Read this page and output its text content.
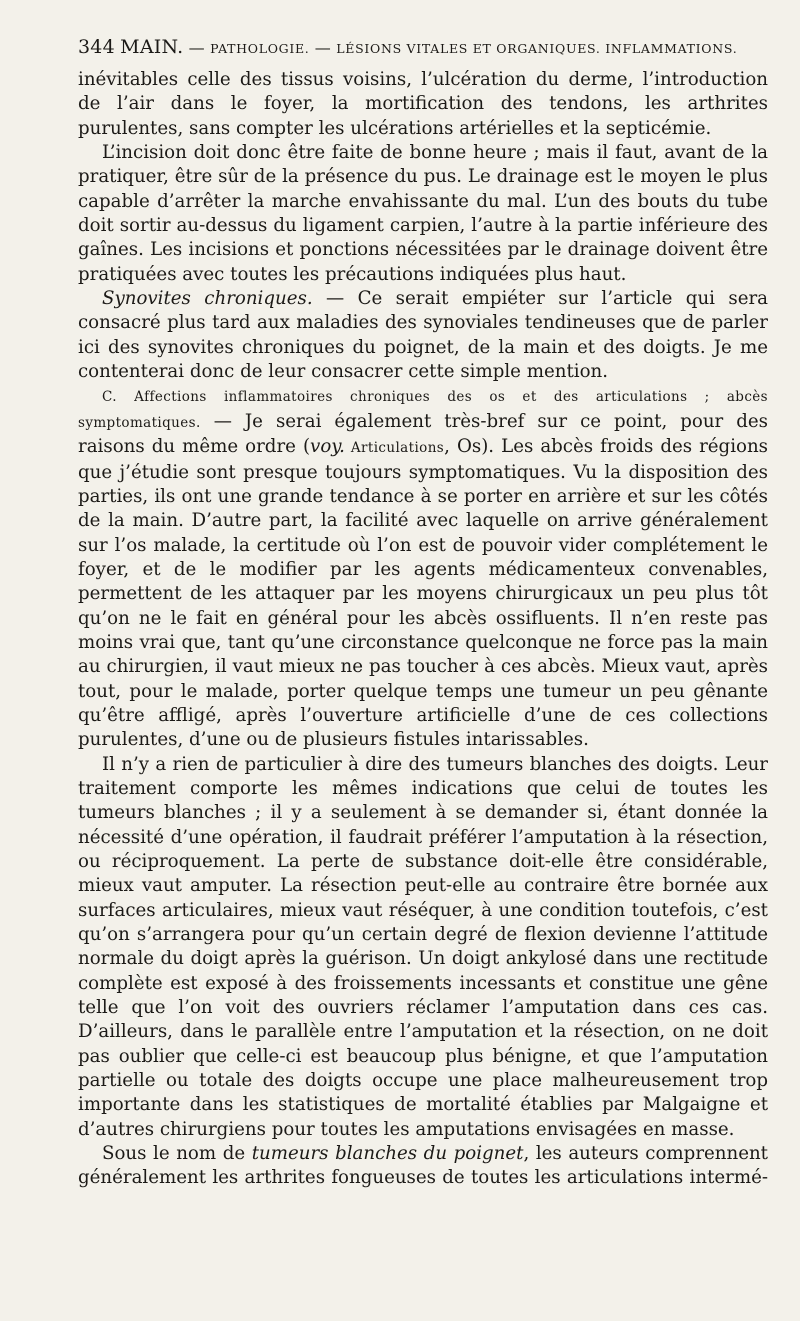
344 MAIN. — PATHOLOGIE. — LÉSIONS VITALES ET ORGANIQUES. INFLAMMATIONS.

inévitables celle des tissus voisins, l’ulcération du derme, l’introduction de l’air dans le foyer, la mortification des tendons, les arthrites purulentes, sans compter les ulcérations artérielles et la septicémie.

L’incision doit donc être faite de bonne heure ; mais il faut, avant de la pratiquer, être sûr de la présence du pus. Le drainage est le moyen le plus capable d’arrêter la marche envahissante du mal. L’un des bouts du tube doit sortir au-dessus du ligament carpien, l’autre à la partie inférieure des gaînes. Les incisions et ponctions nécessitées par le drainage doivent être pratiquées avec toutes les précautions indiquées plus haut.

Synovites chroniques. — Ce serait empiéter sur l’article qui sera consacré plus tard aux maladies des synoviales tendineuses que de parler ici des synovites chroniques du poignet, de la main et des doigts. Je me contenterai donc de leur consacrer cette simple mention.

C. Affections inflammatoires chroniques des os et des articulations ; abcès symptomatiques. — Je serai également très-bref sur ce point, pour des raisons du même ordre (voy. Articulations, Os). Les abcès froids des régions que j’étudie sont presque toujours symptomatiques. Vu la disposition des parties, ils ont une grande tendance à se porter en arrière et sur les côtés de la main. D’autre part, la facilité avec laquelle on arrive généralement sur l’os malade, la certitude où l’on est de pouvoir vider complétement le foyer, et de le modifier par les agents médicamenteux convenables, permettent de les attaquer par les moyens chirurgicaux un peu plus tôt qu’on ne le fait en général pour les abcès ossifluents. Il n’en reste pas moins vrai que, tant qu’une circonstance quelconque ne force pas la main au chirurgien, il vaut mieux ne pas toucher à ces abcès. Mieux vaut, après tout, pour le malade, porter quelque temps une tumeur un peu gênante qu’être affligé, après l’ouverture artificielle d’une de ces collections purulentes, d’une ou de plusieurs fistules intarissables.

Il n’y a rien de particulier à dire des tumeurs blanches des doigts. Leur traitement comporte les mêmes indications que celui de toutes les tumeurs blanches ; il y a seulement à se demander si, étant donnée la nécessité d’une opération, il faudrait préférer l’amputation à la résection, ou réciproquement. La perte de substance doit-elle être considérable, mieux vaut amputer. La résection peut-elle au contraire être bornée aux surfaces articulaires, mieux vaut réséquer, à une condition toutefois, c’est qu’on s’arrangera pour qu’un certain degré de flexion devienne l’attitude normale du doigt après la guérison. Un doigt ankylosé dans une rectitude complète est exposé à des froissements incessants et constitue une gêne telle que l’on voit des ouvriers réclamer l’amputation dans ces cas. D’ailleurs, dans le parallèle entre l’amputation et la résection, on ne doit pas oublier que celle-ci est beaucoup plus bénigne, et que l’amputation partielle ou totale des doigts occupe une place malheureusement trop importante dans les statistiques de mortalité établies par Malgaigne et d’autres chirurgiens pour toutes les amputations envisagées en masse.

Sous le nom de tumeurs blanches du poignet, les auteurs comprennent généralement les arthrites fongueuses de toutes les articulations intermé-
